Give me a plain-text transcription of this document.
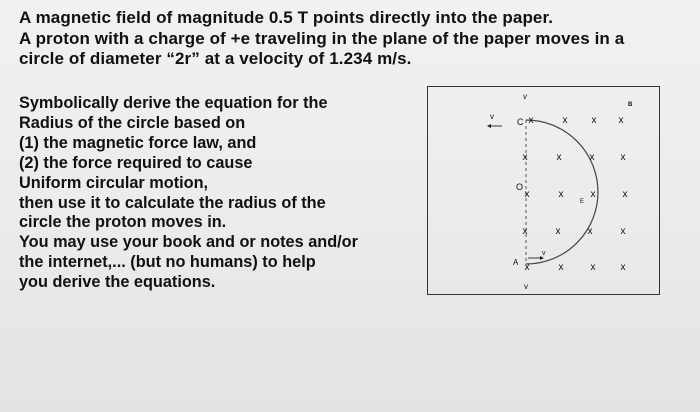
A magnetic field of magnitude 0.5 T points directly into the paper.
A proton with a charge of +e traveling in the plane of the paper moves in a
circle of diameter “2r” at a velocity of 1.234 m/s.
Symbolically derive the equation for the
Radius of the circle based on
(1) the magnetic force law, and
(2) the force required to cause
Uniform circular motion,
then use it to calculate the radius of the
circle the proton moves in.
You may use your book and or notes and/or
the internet,... (but no humans) to help
you derive the equations.
x	x x x
x	x	x	x
x	x	x	x
x	x	x	x
x	x	x	x
B
C
O
A
E
v
v
v
v
